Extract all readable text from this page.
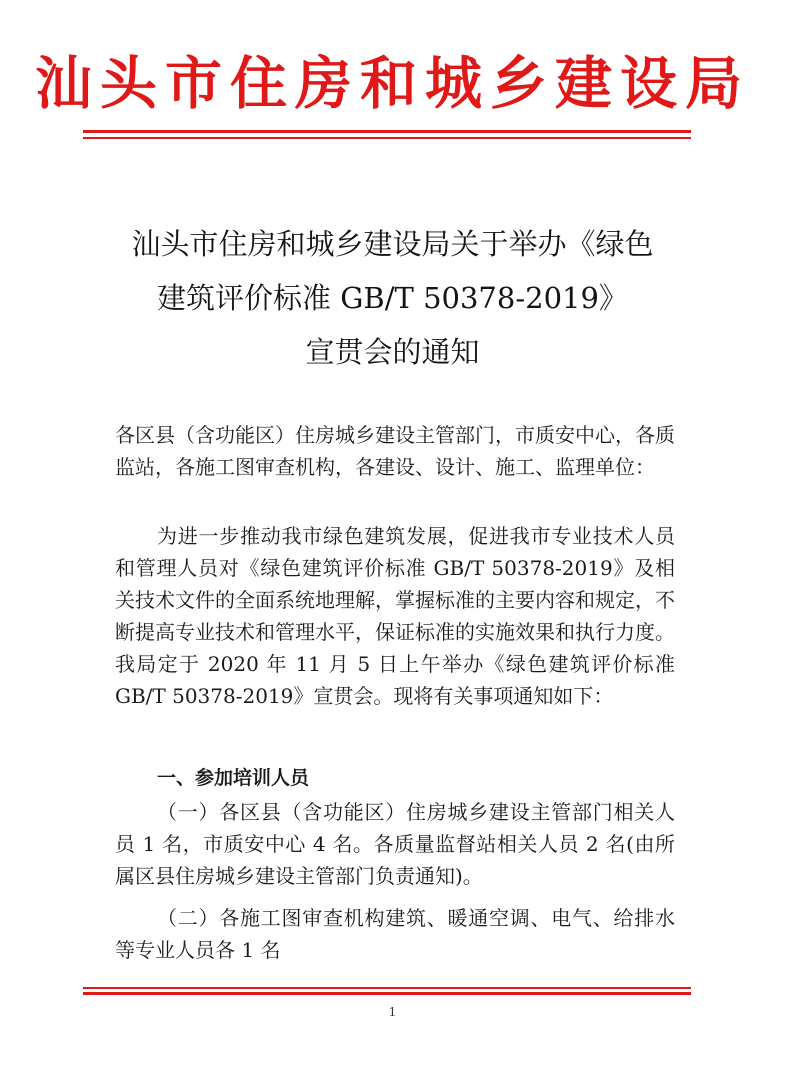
汕头市住房和城乡建设局
汕头市住房和城乡建设局关于举办《绿色
建筑评价标准 GB/T 50378-2019》
宣贯会的通知

各区县（含功能区）住房城乡建设主管部门，市质安中心，各质监站，各施工图审查机构，各建设、设计、施工、监理单位：

为进一步推动我市绿色建筑发展，促进我市专业技术人员和管理人员对《绿色建筑评价标准 GB/T 50378-2019》及相关技术文件的全面系统地理解，掌握标准的主要内容和规定，不断提高专业技术和管理水平，保证标准的实施效果和执行力度。我局定于 2020 年 11 月 5 日上午举办《绿色建筑评价标准 GB/T 50378-2019》宣贯会。现将有关事项通知如下：

一、参加培训人员

（一）各区县（含功能区）住房城乡建设主管部门相关人员 1 名，市质安中心 4 名。各质量监督站相关人员 2 名(由所属区县住房城乡建设主管部门负责通知)。

（二）各施工图审查机构建筑、暖通空调、电气、给排水等专业人员各 1 名

1
